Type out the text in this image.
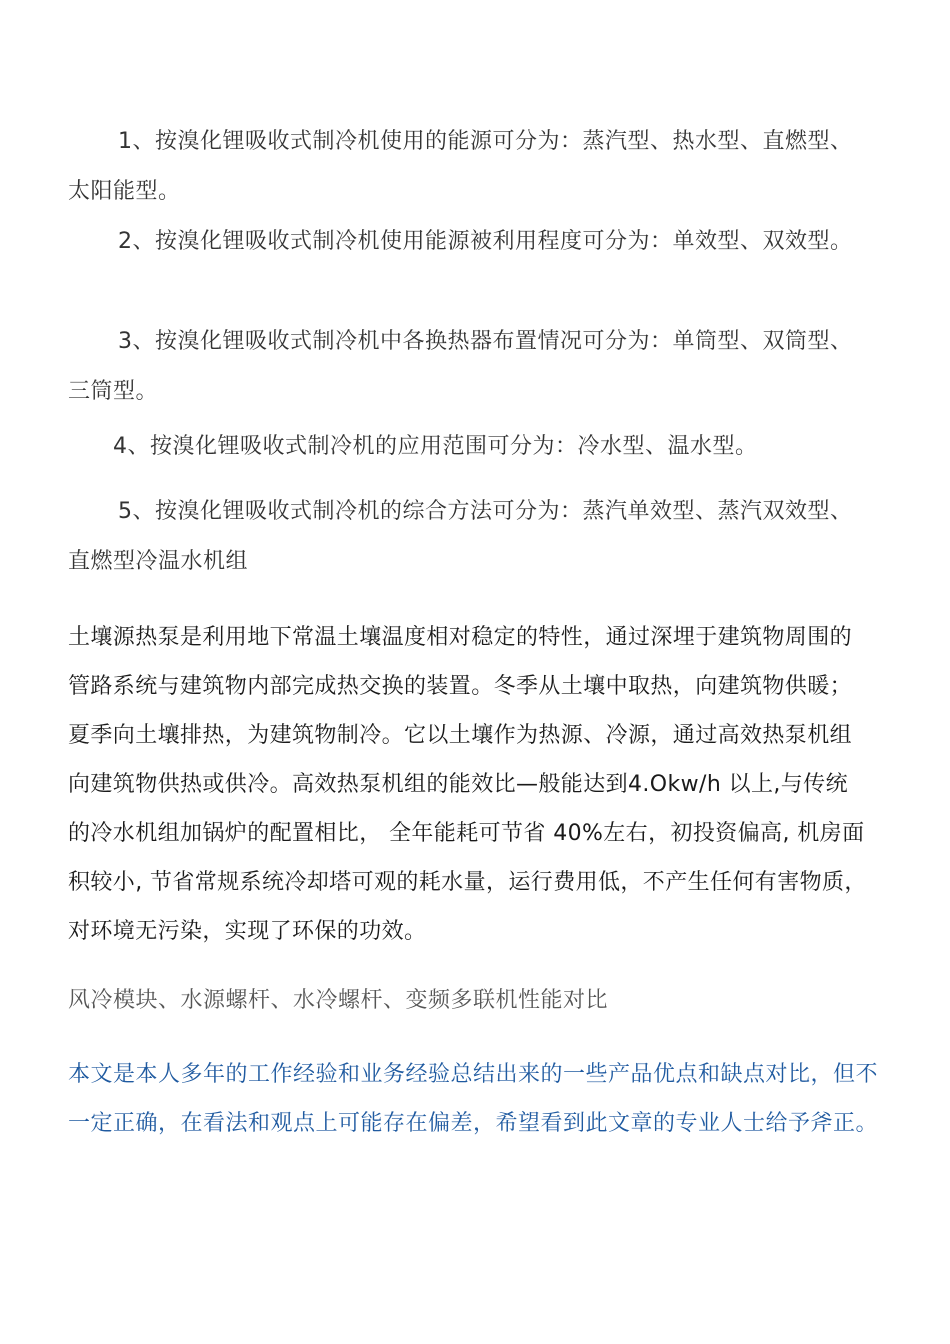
1、按溴化锂吸收式制冷机使用的能源可分为：蒸汽型、热水型、直燃型、太阳能型。

2、按溴化锂吸收式制冷机使用能源被利用程度可分为：单效型、双效型。

3、按溴化锂吸收式制冷机中各换热器布置情况可分为：单筒型、双筒型、三筒型。

4、按溴化锂吸收式制冷机的应用范围可分为：冷水型、温水型。

5、按溴化锂吸收式制冷机的综合方法可分为：蒸汽单效型、蒸汽双效型、直燃型冷温水机组

土壤源热泵是利用地下常温土壤温度相对稳定的特性，通过深埋于建筑物周围的管路系统与建筑物内部完成热交换的装置。冬季从土壤中取热，向建筑物供暖；夏季向土壤排热，为建筑物制冷。它以土壤作为热源、冷源，通过高效热泵机组向建筑物供热或供冷。高效热泵机组的能效比—般能达到4.Okw/h 以上,与传统的冷水机组加锅炉的配置相比， 全年能耗可节省 40%左右，初投资偏高, 机房面积较小, 节省常规系统冷却塔可观的耗水量，运行费用低，不产生任何有害物质，对环境无污染，实现了环保的功效。

风冷模块、水源螺杆、水冷螺杆、变频多联机性能对比

本文是本人多年的工作经验和业务经验总结出来的一些产品优点和缺点对比，但不一定正确，在看法和观点上可能存在偏差，希望看到此文章的专业人士给予斧正。
